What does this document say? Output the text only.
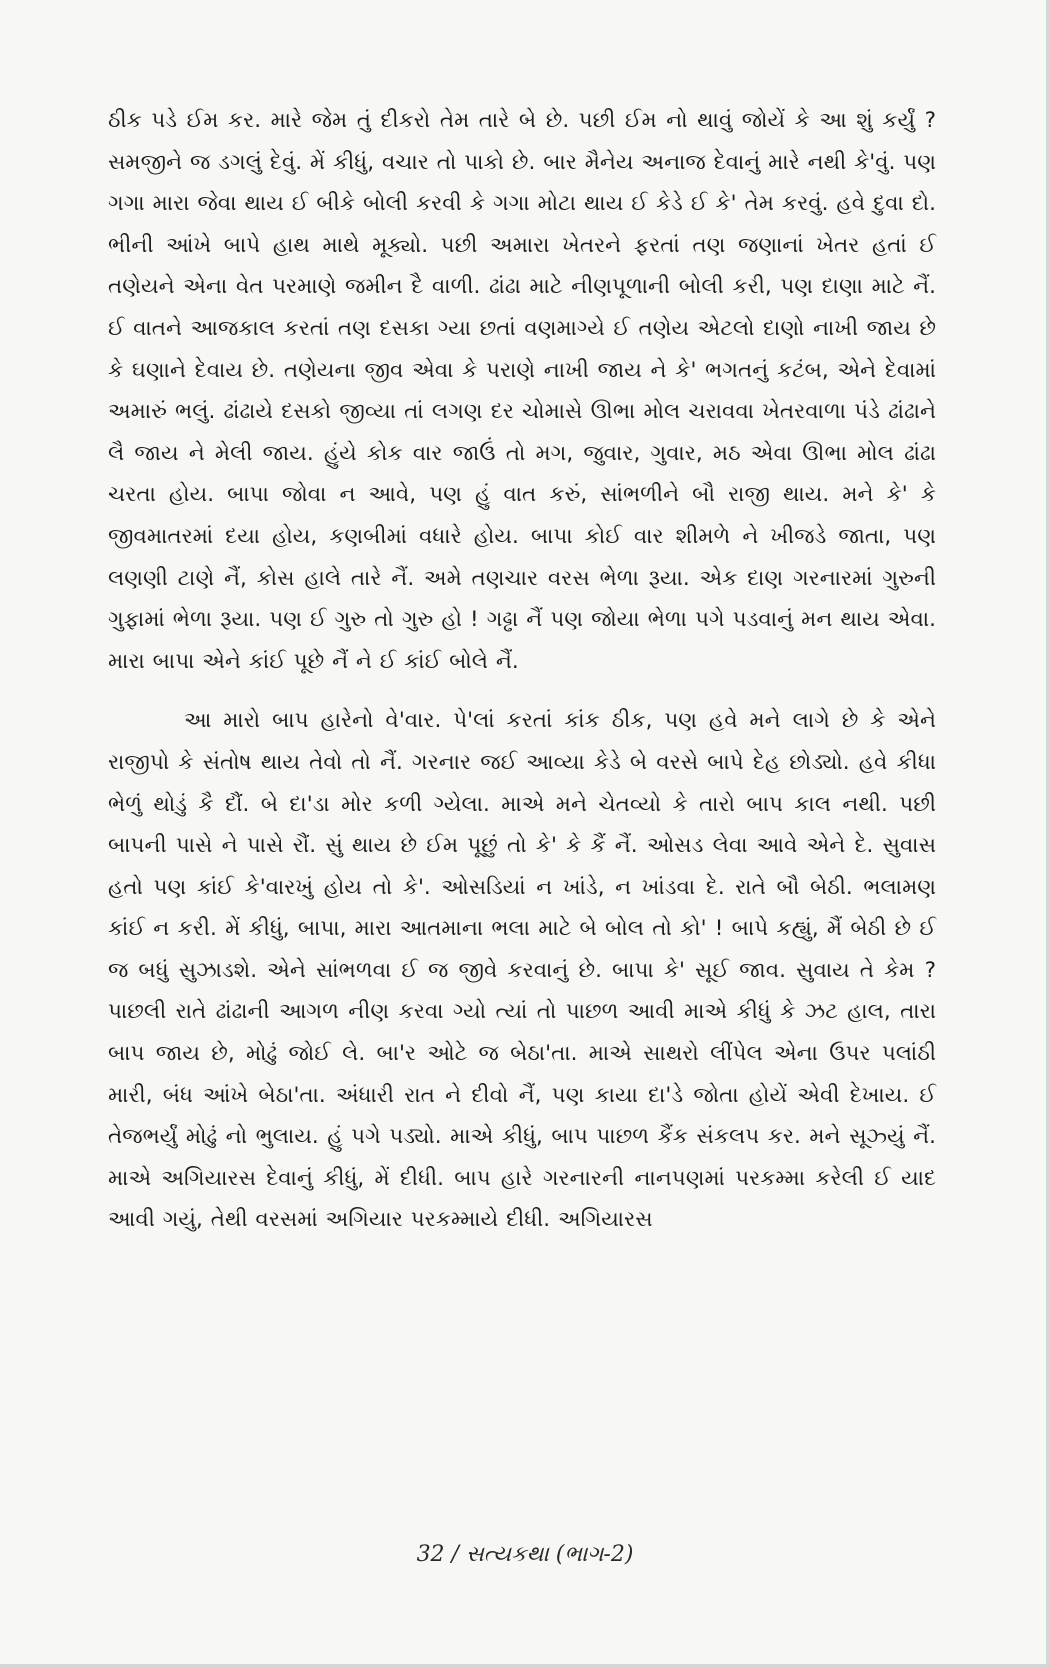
ઠીક પડે ઈમ કર. મારે જેમ તું દીકરો તેમ તારે બે છે. પછી ઈમ નો થાવું જોયેં કે આ શું કર્યું ? સમજીને જ ડગલું દેવું. મેં કીધું, વચાર તો પાકો છે. બાર મૈનેય અનાજ દેવાનું મારે નથી કે'વું. પણ ગગા મારા જેવા થાય ઈ બીકે બોલી કરવી કે ગગા મોટા થાય ઈ કેડે ઈ કે' તેમ કરવું. હવે દુવા દો. ભીની આંખે બાપે હાથ માથે મૂક્યો. પછી અમારા ખેતરને ફરતાં તણ જણાનાં ખેતર હતાં ઈ તણેયને એના વેત પરમાણે જમીન દૈ વાળી. ઢાંઢા માટે નીણપૂળાની બોલી કરી, પણ દાણા માટે નૈં. ઈ વાતને આજકાલ કરતાં તણ દસકા ગ્યા છતાં વણમાગ્યે ઈ તણેય એટલો દાણો નાખી જાય છે કે ઘણાને દેવાય છે. તણેયના જીવ એવા કે પરાણે નાખી જાય ને કે' ભગતનું કટંબ, એને દેવામાં અમારું ભલું. ઢાંઢાયે દસકો જીવ્યા તાં લગણ દર ચોમાસે ઊભા મોલ ચરાવવા ખેતરવાળા પંડે ઢાંઢાને લૈ જાય ને મેલી જાય. હુંયે કોક વાર જાઉં તો મગ, જુવાર, ગુવાર, મઠ એવા ઊભા મોલ ઢાંઢા ચરતા હોય. બાપા જોવા ન આવે, પણ હું વાત કરું, સાંભળીને બૌ રાજી થાય. મને કે' કે જીવમાતરમાં દયા હોય, કણબીમાં વધારે હોય. બાપા કોઈ વાર શીમળે ને ખીજડે જાતા, પણ લણણી ટાણે નૈં, કોસ હાલે તારે નૈં. અમે તણચાર વરસ ભેળા રૂયા. એક દાણ ગરનારમાં ગુરુની ગુફામાં ભેળા રૂયા. પણ ઈ ગુરુ તો ગુરુ હો ! ગઢ્ઢા નૈં પણ જોયા ભેળા પગે પડવાનું મન થાય એવા. મારા બાપા એને કાંઈ પૂછે નૈં ને ઈ કાંઈ બોલે નૈં.

આ મારો બાપ હારેનો વે'વાર. પે'લાં કરતાં કાંક ઠીક, પણ હવે મને લાગે છે કે એને રાજીપો કે સંતોષ થાય તેવો તો નૈં. ગરનાર જઈ આવ્યા કેડે બે વરસે બાપે દેહ છોડ્યો. હવે કીધા ભેળું થોડું કૈ દૌં. બે દા'ડા મોર કળી ગ્યેલા. માએ મને ચેતવ્યો કે તારો બાપ કાલ નથી. પછી બાપની પાસે ને પાસે રૌં. સું થાય છે ઈમ પૂછું તો કે' કે કૈં નૈં. ઓસડ લેવા આવે એને દે. સુવાસ હતો પણ કાંઈ કે'વારખું હોય તો કે'. ઓસડિયાં ન ખાંડે, ન ખાંડવા દે. રાતે બૌ બેઠી. ભલામણ કાંઈ ન કરી. મેં કીધું, બાપા, મારા આતમાના ભલા માટે બે બોલ તો કો' ! બાપે કહ્યું, મૈં બેઠી છે ઈ જ બધું સુઝાડશે. એને સાંભળવા ઈ જ જીવે કરવાનું છે. બાપા કે' સૂઈ જાવ. સુવાય તે કેમ ? પાછલી રાતે ઢાંઢાની આગળ નીણ કરવા ગ્યો ત્યાં તો પાછળ આવી માએ કીધું કે ઝટ હાલ, તારા બાપ જાય છે, મોઢું જોઈ લે. બા'ર ઓટે જ બેઠા'તા. માએ સાથરો લીંપેલ એના ઉપર પલાંઠી મારી, બંધ આંખે બેઠા'તા. અંધારી રાત ને દીવો નૈં, પણ કાયા દા'ડે જોતા હોયેં એવી દેખાય. ઈ તેજભર્યું મોઢું નો ભુલાય. હું પગે પડ્યો. માએ કીધું, બાપ પાછળ કૈંક સંકલપ કર. મને સૂઝ્યું નૈં. માએ અગિયારસ દેવાનું કીધું, મેં દીધી. બાપ હારે ગરનારની નાનપણમાં પરકમ્મા કરેલી ઈ યાદ આવી ગયું, તેથી વરસમાં અગિયાર પરકમ્માયે દીધી. અગિયારસ

32 / સત્યકથા (ભાગ-2)
